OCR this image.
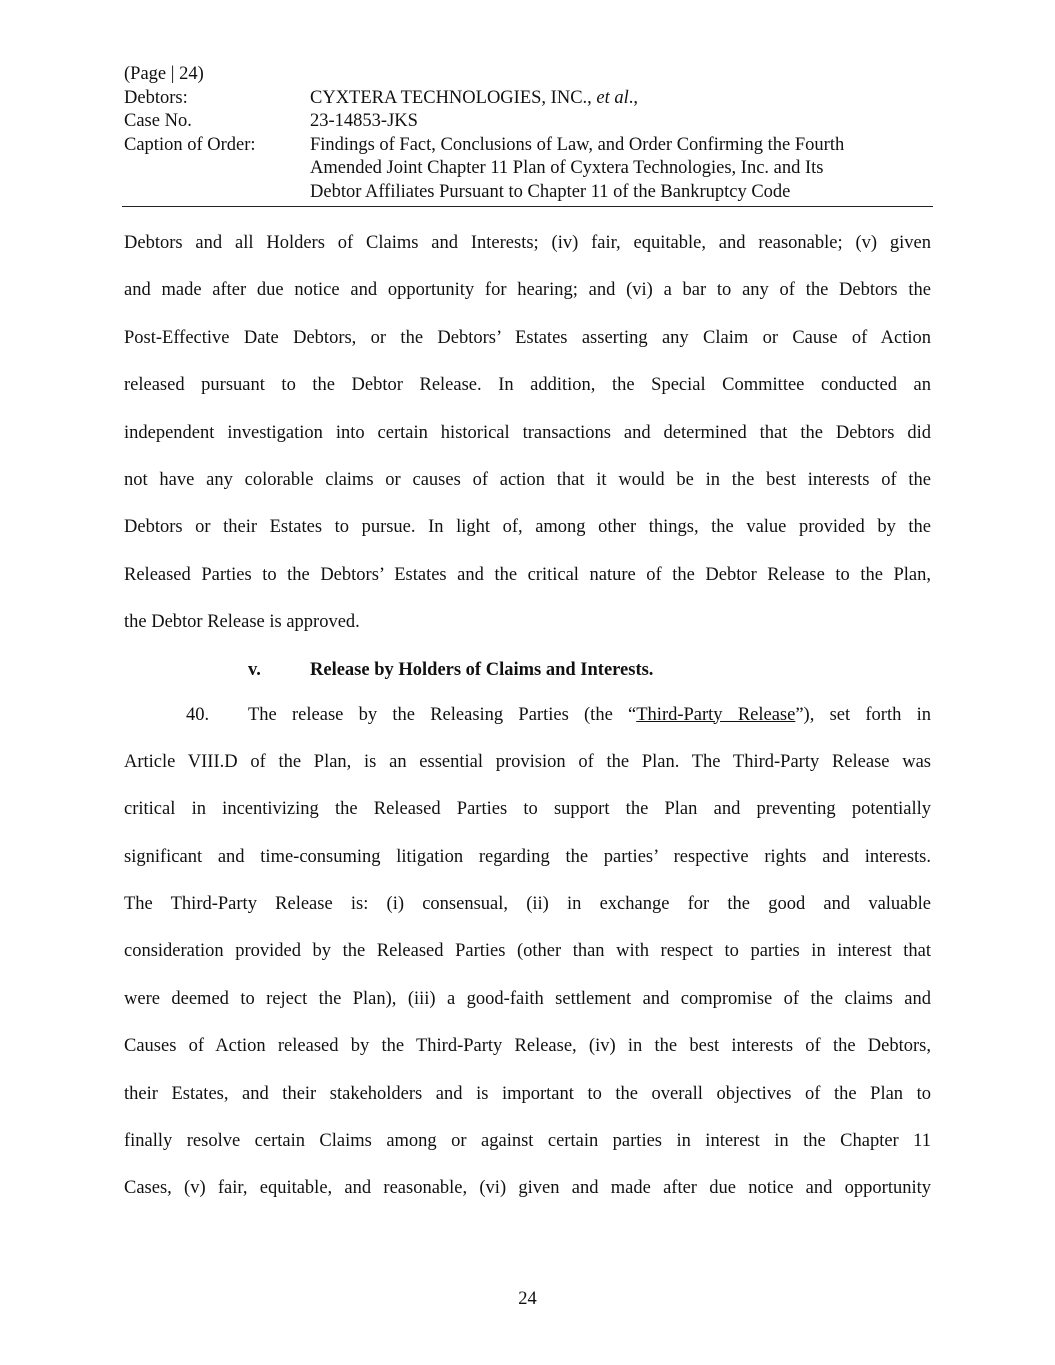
(Page | 24)
Debtors:	CYXTERA TECHNOLOGIES, INC., et al.,
Case No.	23-14853-JKS
Caption of Order:	Findings of Fact, Conclusions of Law, and Order Confirming the Fourth
Amended Joint Chapter 11 Plan of Cyxtera Technologies, Inc. and Its
Debtor Affiliates Pursuant to Chapter 11 of the Bankruptcy Code
Debtors and all Holders of Claims and Interests; (iv) fair, equitable, and reasonable; (v) given
and made after due notice and opportunity for hearing; and (vi) a bar to any of the Debtors the
Post-Effective Date Debtors, or the Debtors’ Estates asserting any Claim or Cause of Action
released pursuant to the Debtor Release. In addition, the Special Committee conducted an
independent investigation into certain historical transactions and determined that the Debtors did
not have any colorable claims or causes of action that it would be in the best interests of the
Debtors or their Estates to pursue. In light of, among other things, the value provided by the
Released Parties to the Debtors’ Estates and the critical nature of the Debtor Release to the Plan,
the Debtor Release is approved.
v.	Release by Holders of Claims and Interests.
40. The release by the Releasing Parties (the “Third-Party Release”), set forth in
Article VIII.D of the Plan, is an essential provision of the Plan. The Third-Party Release was
critical in incentivizing the Released Parties to support the Plan and preventing potentially
significant and time-consuming litigation regarding the parties’ respective rights and interests.
The Third-Party Release is: (i) consensual, (ii) in exchange for the good and valuable
consideration provided by the Released Parties (other than with respect to parties in interest that
were deemed to reject the Plan), (iii) a good-faith settlement and compromise of the claims and
Causes of Action released by the Third-Party Release, (iv) in the best interests of the Debtors,
their Estates, and their stakeholders and is important to the overall objectives of the Plan to
finally resolve certain Claims among or against certain parties in interest in the Chapter 11
Cases, (v) fair, equitable, and reasonable, (vi) given and made after due notice and opportunity
24
